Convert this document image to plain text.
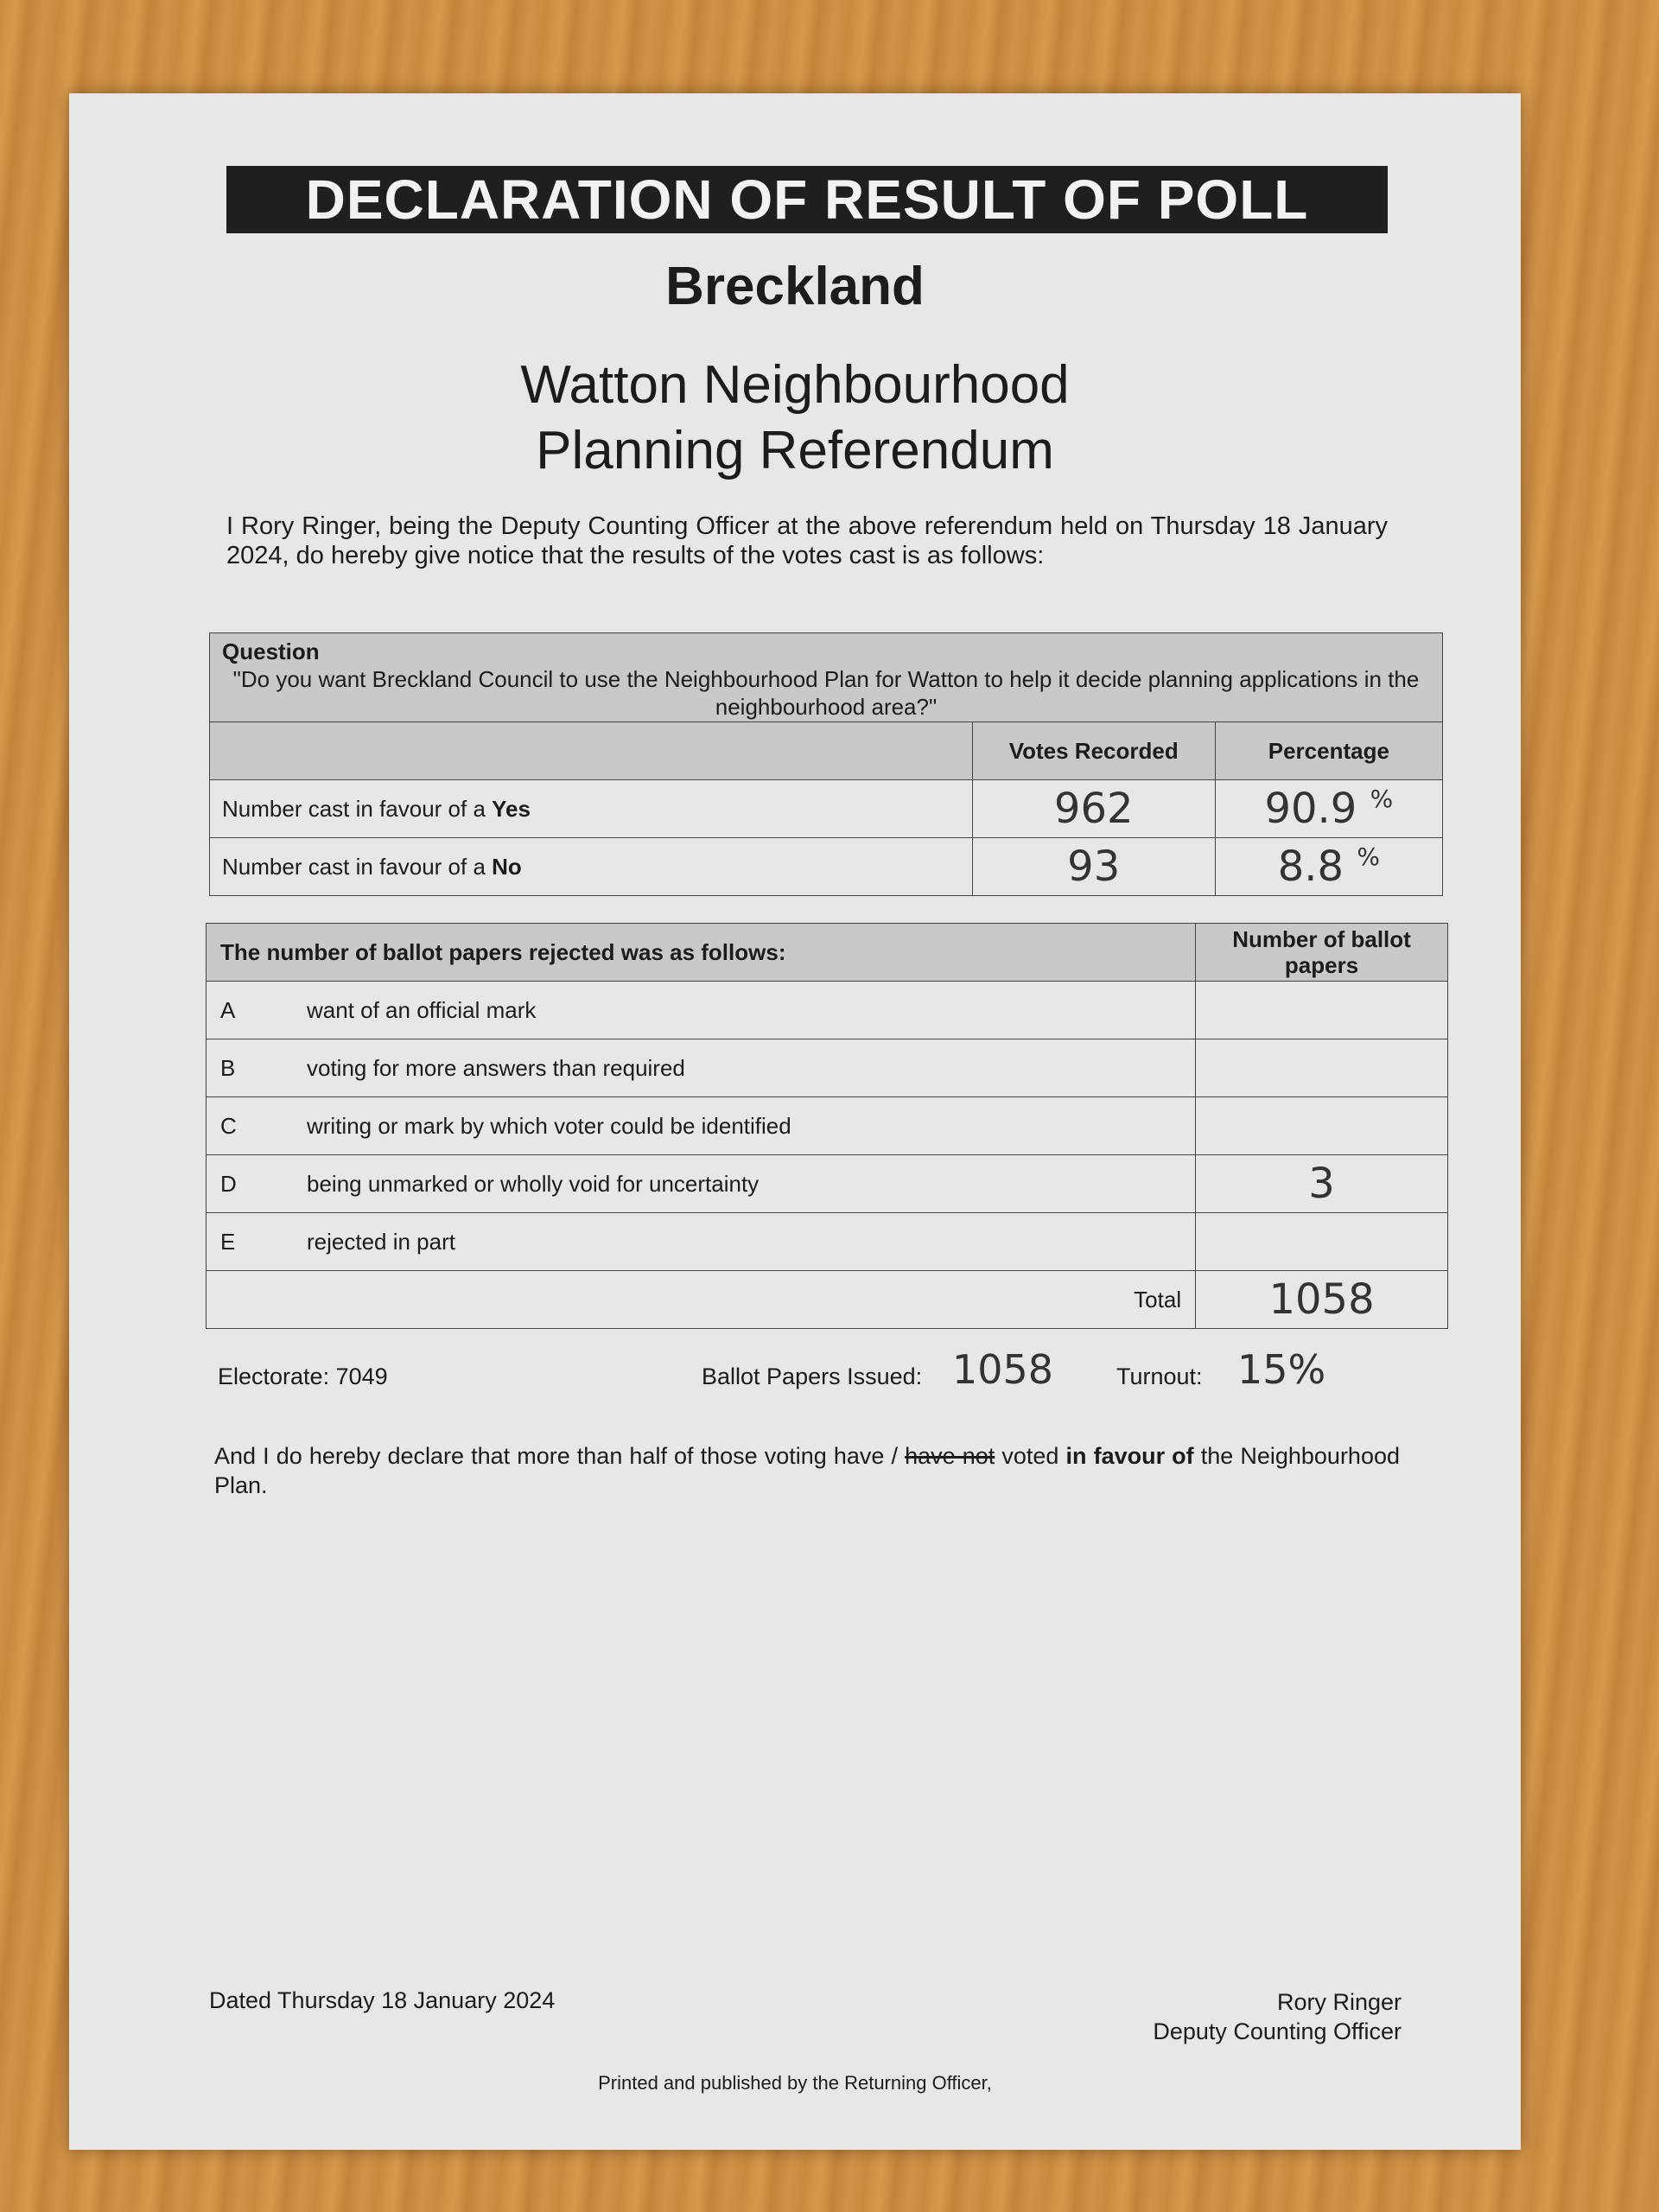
DECLARATION OF RESULT OF POLL
Breckland
Watton Neighbourhood Planning Referendum
I Rory Ringer, being the Deputy Counting Officer at the above referendum held on Thursday 18 January 2024, do hereby give notice that the results of the votes cast is as follows:
Question
"Do you want Breckland Council to use the Neighbourhood Plan for Watton to help it decide planning applications in the neighbourhood area?"		

	Votes Recorded	Percentage
Number cast in favour of a Yes	962	90.9 %
Number cast in favour of a No	93	8.8 %
The number of ballot papers rejected was as follows:	Number of ballot papers
A want of an official mark	
B voting for more answers than required	
C writing or mark by which voter could be identified	
D being unmarked or wholly void for uncertainty	3
E rejected in part	
Total	1058
Electorate: 7049	Ballot Papers Issued: 1058	Turnout: 15%
And I do hereby declare that more than half of those voting have / have not voted in favour of the Neighbourhood Plan.
Dated Thursday 18 January 2024	Rory Ringer
Deputy Counting Officer
Printed and published by the Returning Officer,
